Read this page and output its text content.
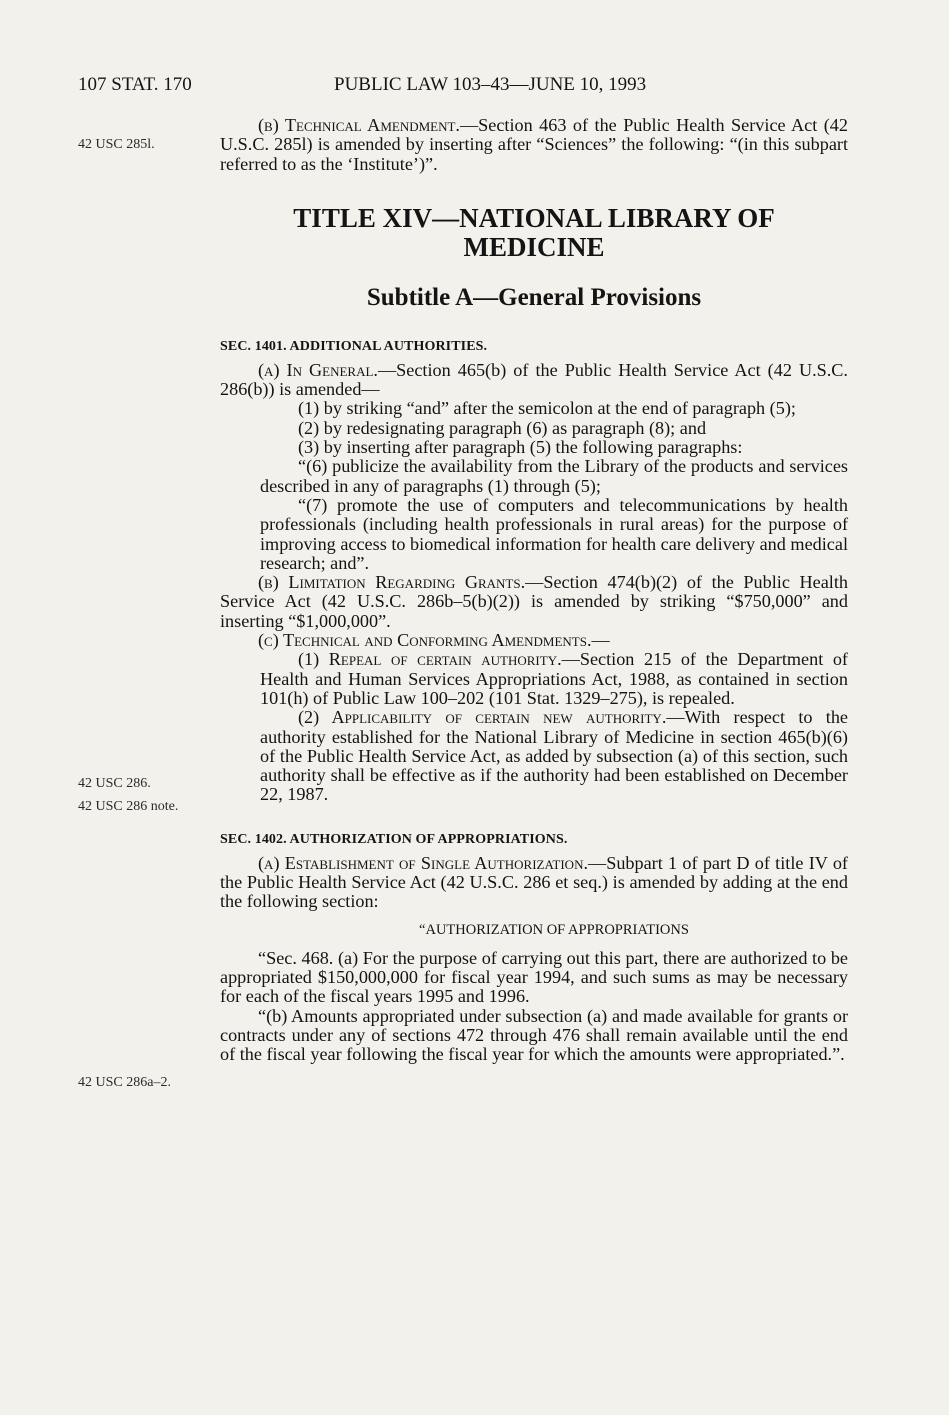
107 STAT. 170	PUBLIC LAW 103–43—JUNE 10, 1993
42 USC 285l.
42 USC 286.
42 USC 286 note.
42 USC 286a–2.

(b) Technical Amendment.—Section 463 of the Public Health Service Act (42 U.S.C. 285l) is amended by inserting after “Sciences” the following: “(in this subpart referred to as the ‘Institute’)”.

TITLE XIV—NATIONAL LIBRARY OF MEDICINE
Subtitle A—General Provisions
SEC. 1401. ADDITIONAL AUTHORITIES.

(a) In General.—Section 465(b) of the Public Health Service Act (42 U.S.C. 286(b)) is amended—

(1) by striking “and” after the semicolon at the end of paragraph (5);

(2) by redesignating paragraph (6) as paragraph (8); and

(3) by inserting after paragraph (5) the following paragraphs:

“(6) publicize the availability from the Library of the products and services described in any of paragraphs (1) through (5);

“(7) promote the use of computers and telecommunications by health professionals (including health professionals in rural areas) for the purpose of improving access to biomedical information for health care delivery and medical research; and”.

(b) Limitation Regarding Grants.—Section 474(b)(2) of the Public Health Service Act (42 U.S.C. 286b–5(b)(2)) is amended by striking “$750,000” and inserting “$1,000,000”.

(c) Technical and Conforming Amendments.—

(1) Repeal of certain authority.—Section 215 of the Department of Health and Human Services Appropriations Act, 1988, as contained in section 101(h) of Public Law 100–202 (101 Stat. 1329–275), is repealed.

(2) Applicability of certain new authority.—With respect to the authority established for the National Library of Medicine in section 465(b)(6) of the Public Health Service Act, as added by subsection (a) of this section, such authority shall be effective as if the authority had been established on December 22, 1987.

SEC. 1402. AUTHORIZATION OF APPROPRIATIONS.

(a) Establishment of Single Authorization.—Subpart 1 of part D of title IV of the Public Health Service Act (42 U.S.C. 286 et seq.) is amended by adding at the end the following section:

“AUTHORIZATION OF APPROPRIATIONS

“Sec. 468. (a) For the purpose of carrying out this part, there are authorized to be appropriated $150,000,000 for fiscal year 1994, and such sums as may be necessary for each of the fiscal years 1995 and 1996.

“(b) Amounts appropriated under subsection (a) and made available for grants or contracts under any of sections 472 through 476 shall remain available until the end of the fiscal year following the fiscal year for which the amounts were appropriated.”.
